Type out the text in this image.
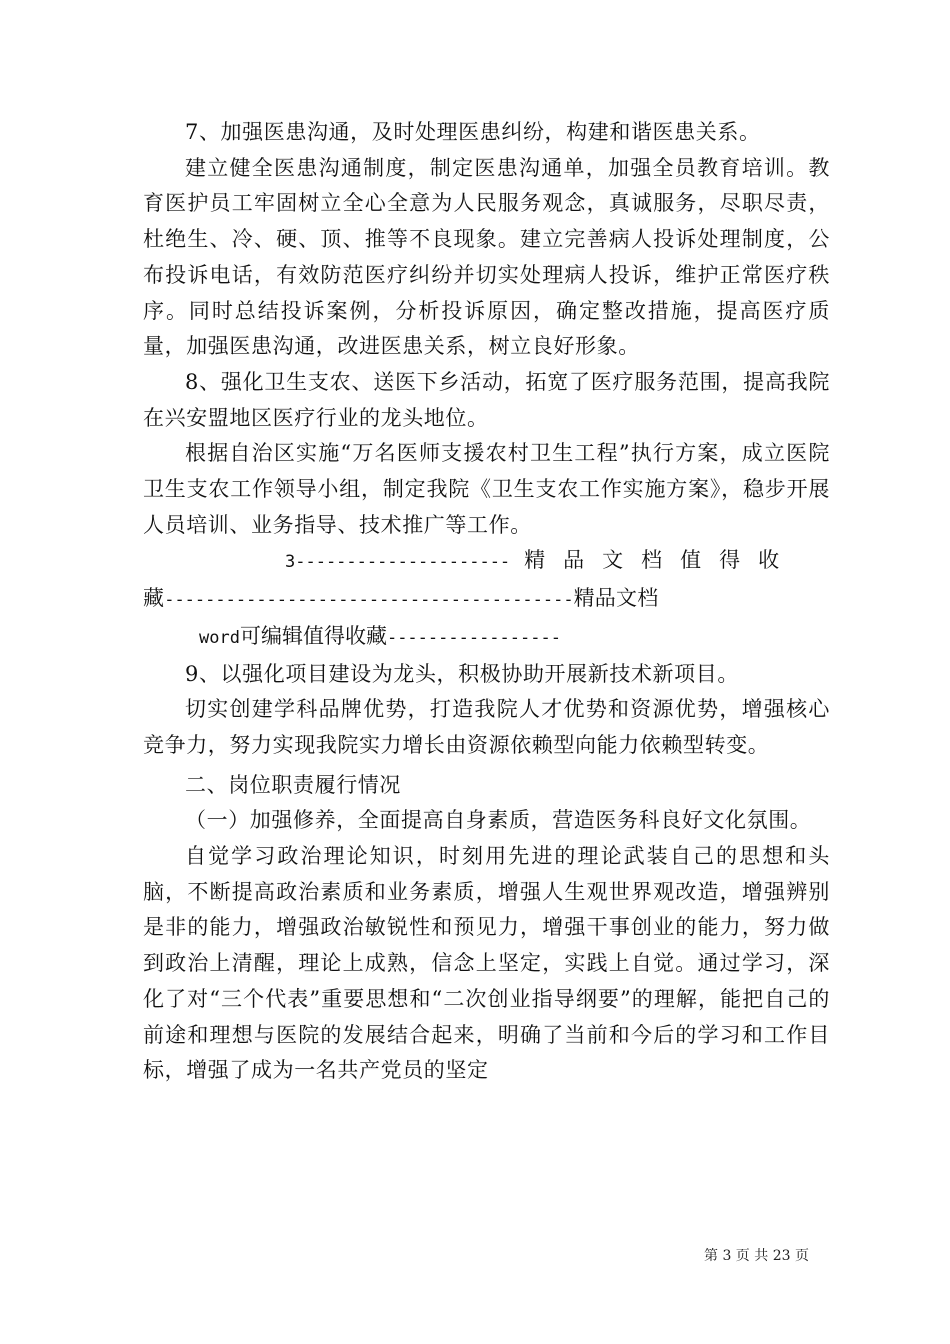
7、加强医患沟通，及时处理医患纠纷，构建和谐医患关系。

建立健全医患沟通制度，制定医患沟通单，加强全员教育培训。教育医护员工牢固树立全心全意为人民服务观念，真诚服务，尽职尽责，杜绝生、冷、硬、顶、推等不良现象。建立完善病人投诉处理制度，公布投诉电话，有效防范医疗纠纷并切实处理病人投诉，维护正常医疗秩序。同时总结投诉案例，分析投诉原因，确定整改措施，提高医疗质量，加强医患沟通，改进医患关系，树立良好形象。

8、强化卫生支农、送医下乡活动，拓宽了医疗服务范围，提高我院在兴安盟地区医疗行业的龙头地位。

根据自治区实施“万名医师支援农村卫生工程”执行方案，成立医院卫生支农工作领导小组，制定我院《卫生支农工作实施方案》，稳步开展人员培训、业务指导、技术推广等工作。

3--------------------- 精品文档值得收

藏----------------------------------------精品文档

word可编辑值得收藏-----------------

9、以强化项目建设为龙头，积极协助开展新技术新项目。

切实创建学科品牌优势，打造我院人才优势和资源优势，增强核心竞争力，努力实现我院实力增长由资源依赖型向能力依赖型转变。

二、岗位职责履行情况

（一）加强修养，全面提高自身素质，营造医务科良好文化氛围。

自觉学习政治理论知识，时刻用先进的理论武装自己的思想和头脑，不断提高政治素质和业务素质，增强人生观世界观改造，增强辨别是非的能力，增强政治敏锐性和预见力，增强干事创业的能力，努力做到政治上清醒，理论上成熟，信念上坚定，实践上自觉。通过学习，深化了对“三个代表”重要思想和“二次创业指导纲要”的理解，能把自己的前途和理想与医院的发展结合起来，明确了当前和今后的学习和工作目标，增强了成为一名共产党员的坚定

第 3 页 共 23 页
